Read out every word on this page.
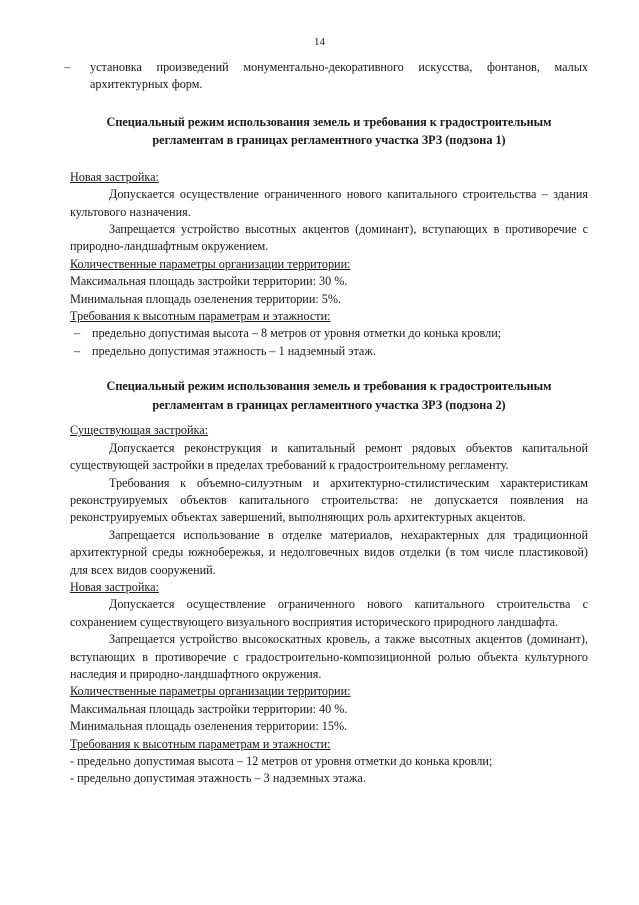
14

– установка произведений монументально-декоративного искусства, фонтанов, малых архитектурных форм.

Специальный режим использования земель и требования к градостроительным
регламентам в границах регламентного участка ЗРЗ (подзона 1)

Новая застройка:

Допускается осуществление ограниченного нового капитального строительства – здания культового назначения.

Запрещается устройство высотных акцентов (доминант), вступающих в противоречие с природно-ландшафтным окружением.

Количественные параметры организации территории:

Максимальная площадь застройки территории: 30 %.

Минимальная площадь озеленения территории: 5%.

Требования к высотным параметрам и этажности:

– предельно допустимая высота – 8 метров от уровня отметки до конька кровли;

– предельно допустимая этажность – 1 надземный этаж.

Специальный режим использования земель и требования к градостроительным
регламентам в границах регламентного участка ЗРЗ (подзона 2)

Существующая застройка:

Допускается реконструкция и капитальный ремонт рядовых объектов капитальной существующей застройки в пределах требований к градостроительному регламенту.

Требования к объемно-силуэтным и архитектурно-стилистическим характеристикам реконструируемых объектов капитального строительства: не допускается появления на реконструируемых объектах завершений, выполняющих роль архитектурных акцентов.

Запрещается использование в отделке материалов, нехарактерных для традиционной архитектурной среды южнобережья, и недолговечных видов отделки (в том числе пластиковой) для всех видов сооружений.

Новая застройка:

Допускается осуществление ограниченного нового капитального строительства с сохранением существующего визуального восприятия исторического природного ландшафта.

Запрещается устройство высокоскатных кровель, а также высотных акцентов (доминант), вступающих в противоречие с градостроительно-композиционной ролью объекта культурного наследия и природно-ландшафтного окружения.

Количественные параметры организации территории:

Максимальная площадь застройки территории: 40 %.

Минимальная площадь озеленения территории: 15%.

Требования к высотным параметрам и этажности:

- предельно допустимая высота – 12 метров от уровня отметки до конька кровли;

- предельно допустимая этажность – 3 надземных этажа.
